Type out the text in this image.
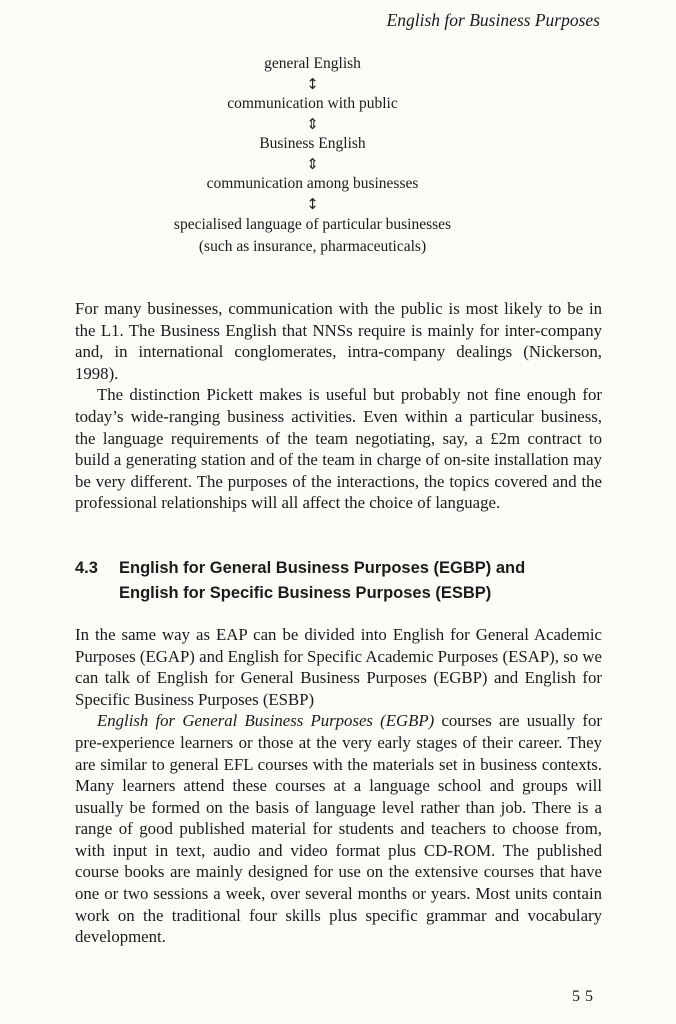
English for Business Purposes
general English
↕
communication with public
⇕
Business English
⇕
communication among businesses
↕
specialised language of particular businesses
(such as insurance, pharmaceuticals)

For many businesses, communication with the public is most likely to be in the L1. The Business English that NNSs require is mainly for inter-company and, in international conglomerates, intra-company dealings (Nickerson, 1998).

The distinction Pickett makes is useful but probably not fine enough for today’s wide-ranging business activities. Even within a particular business, the language requirements of the team negotiating, say, a £2m contract to build a generating station and of the team in charge of on-site installation may be very different. The purposes of the interactions, the topics covered and the professional relationships will all affect the choice of language.

4.3	English for General Business Purposes (EGBP) and
English for Specific Business Purposes (ESBP)

In the same way as EAP can be divided into English for General Academic Purposes (EGAP) and English for Specific Academic Purposes (ESAP), so we can talk of English for General Business Purposes (EGBP) and English for Specific Business Purposes (ESBP)

English for General Business Purposes (EGBP) courses are usually for pre-experience learners or those at the very early stages of their career. They are similar to general EFL courses with the materials set in business contexts. Many learners attend these courses at a language school and groups will usually be formed on the basis of language level rather than job. There is a range of good published material for students and teachers to choose from, with input in text, audio and video format plus CD-ROM. The published course books are mainly designed for use on the extensive courses that have one or two sessions a week, over several months or years. Most units contain work on the traditional four skills plus specific grammar and vocabulary development.

55
